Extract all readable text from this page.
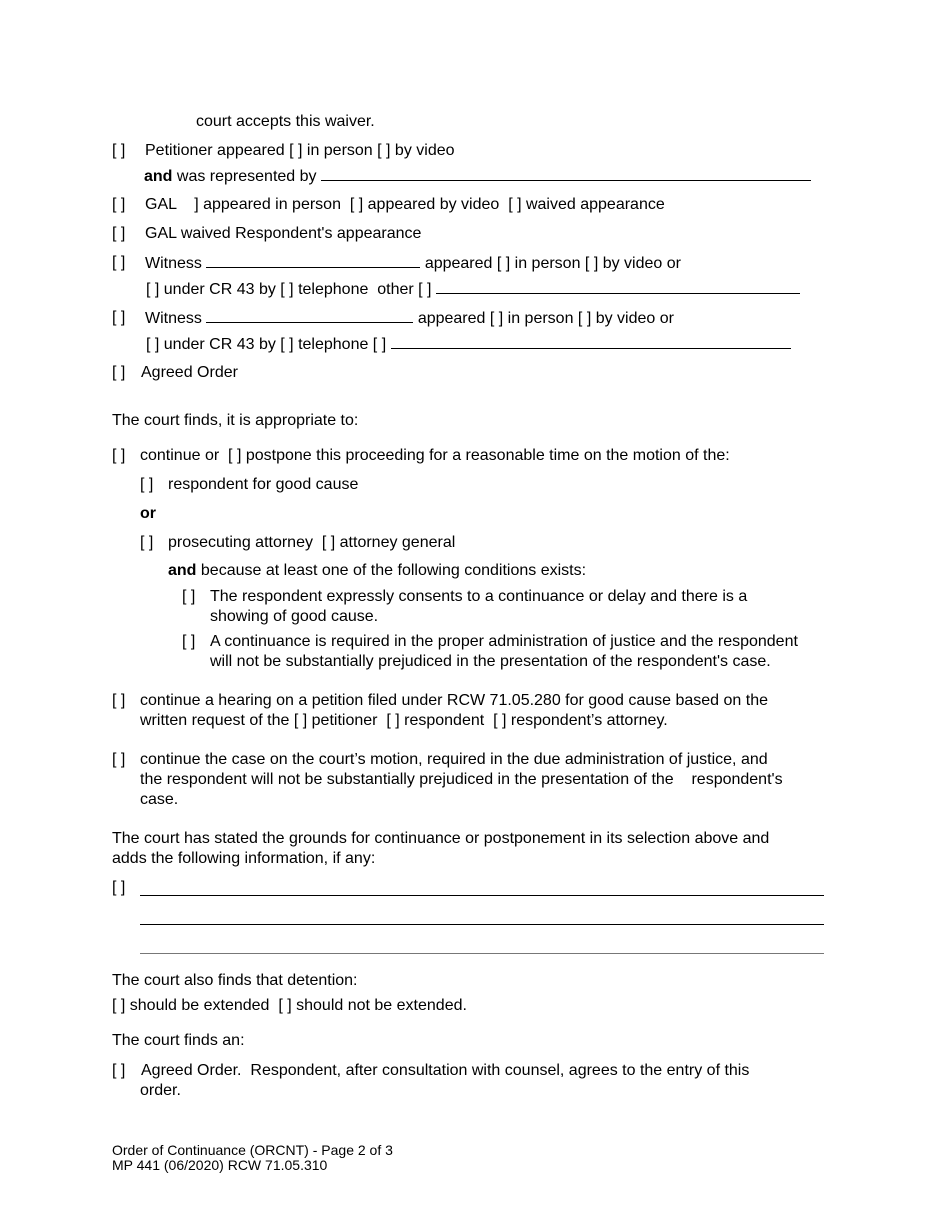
court accepts this waiver.
[ ] Petitioner appeared [ ] in person [ ] by video
and was represented by
[ ] GAL    ] appeared in person  [ ] appeared by video  [ ] waived appearance
[ ] GAL waived Respondent's appearance
[ ] Witness	appeared [ ] in person [ ] by video or
[ ] under CR 43 by [ ] telephone  other [ ]
[ ] Witness	appeared [ ] in person [ ] by video or
[ ] under CR 43 by [ ] telephone [ ]
[ ] Agreed Order
The court finds, it is appropriate to:
[ ] continue or  [ ] postpone this proceeding for a reasonable time on the motion of the:
[ ] respondent for good cause
or
[ ] prosecuting attorney  [ ] attorney general
and because at least one of the following conditions exists:
[ ] The respondent expressly consents to a continuance or delay and there is a
showing of good cause.
[ ] A continuance is required in the proper administration of justice and the respondent
will not be substantially prejudiced in the presentation of the respondent's case.
[ ] continue a hearing on a petition filed under RCW 71.05.280 for good cause based on the
written request of the [ ] petitioner  [ ] respondent  [ ] respondent’s attorney.
[ ] continue the case on the court’s motion, required in the due administration of justice, and
the respondent will not be substantially prejudiced in the presentation of the    respondent's
case.
The court has stated the grounds for continuance or postponement in its selection above and
adds the following information, if any:
[ ]
The court also finds that detention:
[ ] should be extended  [ ] should not be extended.
The court finds an:
[ ] Agreed Order.  Respondent, after consultation with counsel, agrees to the entry of this
order.
Order of Continuance (ORCNT) - Page 2 of 3
MP 441 (06/2020) RCW 71.05.310
